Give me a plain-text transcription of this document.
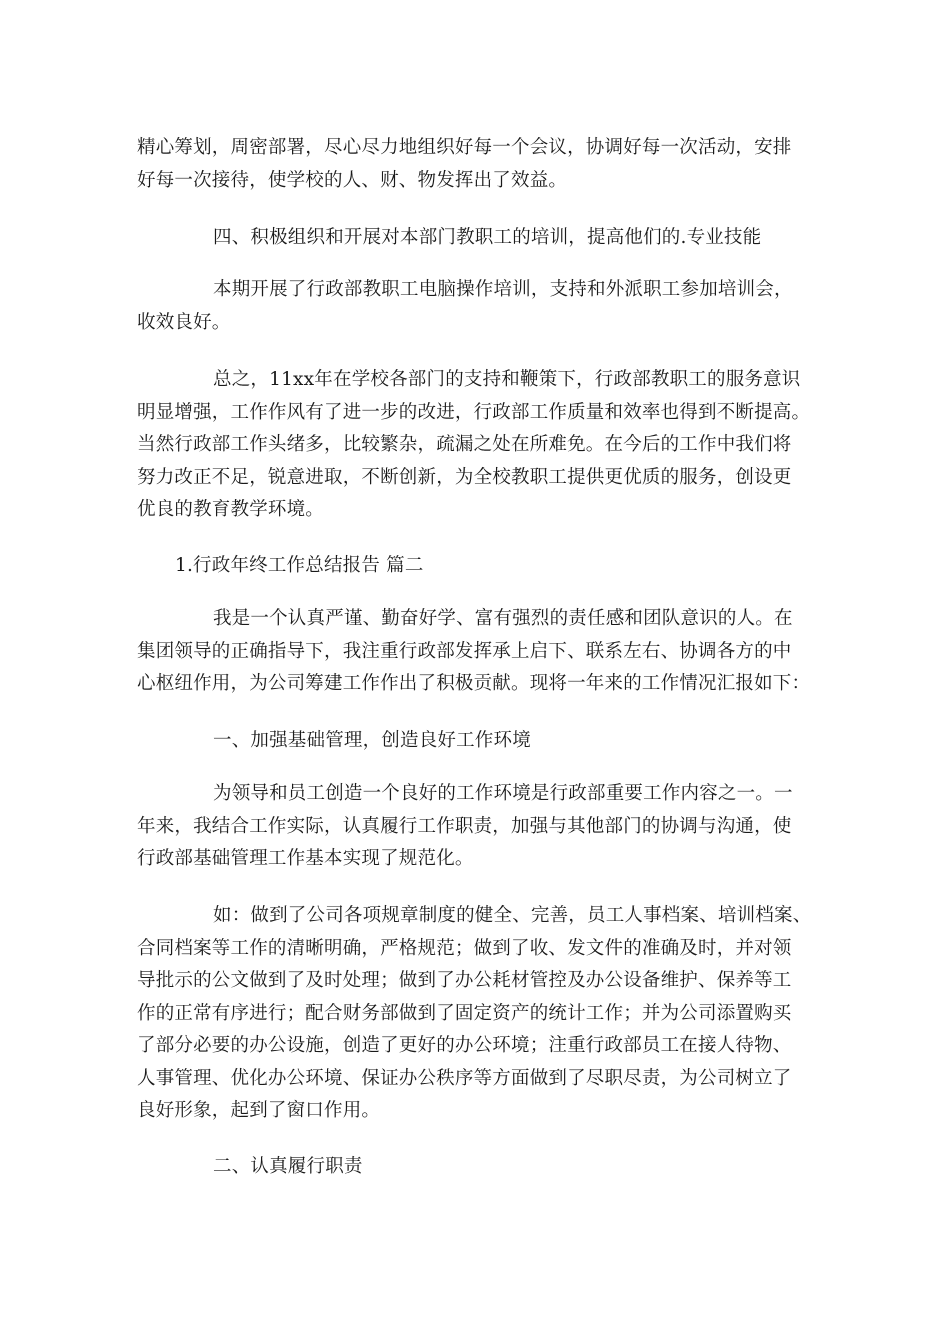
精心筹划，周密部署，尽心尽力地组织好每一个会议，协调好每一次活动，安排
好每一次接待，使学校的人、财、物发挥出了效益。
四、积极组织和开展对本部门教职工的培训，提高他们的.专业技能
本期开展了行政部教职工电脑操作培训，支持和外派职工参加培训会，
收效良好。
总之，11xx年在学校各部门的支持和鞭策下，行政部教职工的服务意识
明显增强，工作作风有了进一步的改进，行政部工作质量和效率也得到不断提高。
当然行政部工作头绪多，比较繁杂，疏漏之处在所难免。在今后的工作中我们将
努力改正不足，锐意进取，不断创新，为全校教职工提供更优质的服务，创设更
优良的教育教学环境。
1.行政年终工作总结报告 篇二
我是一个认真严谨、勤奋好学、富有强烈的责任感和团队意识的人。在
集团领导的正确指导下，我注重行政部发挥承上启下、联系左右、协调各方的中
心枢纽作用，为公司筹建工作作出了积极贡献。现将一年来的工作情况汇报如下：
一、加强基础管理，创造良好工作环境
为领导和员工创造一个良好的工作环境是行政部重要工作内容之一。一
年来，我结合工作实际，认真履行工作职责，加强与其他部门的协调与沟通，使
行政部基础管理工作基本实现了规范化。
如：做到了公司各项规章制度的健全、完善，员工人事档案、培训档案、
合同档案等工作的清晰明确，严格规范；做到了收、发文件的准确及时，并对领
导批示的公文做到了及时处理；做到了办公耗材管控及办公设备维护、保养等工
作的正常有序进行；配合财务部做到了固定资产的统计工作；并为公司添置购买
了部分必要的办公设施，创造了更好的办公环境；注重行政部员工在接人待物、
人事管理、优化办公环境、保证办公秩序等方面做到了尽职尽责，为公司树立了
良好形象，起到了窗口作用。
二、认真履行职责
